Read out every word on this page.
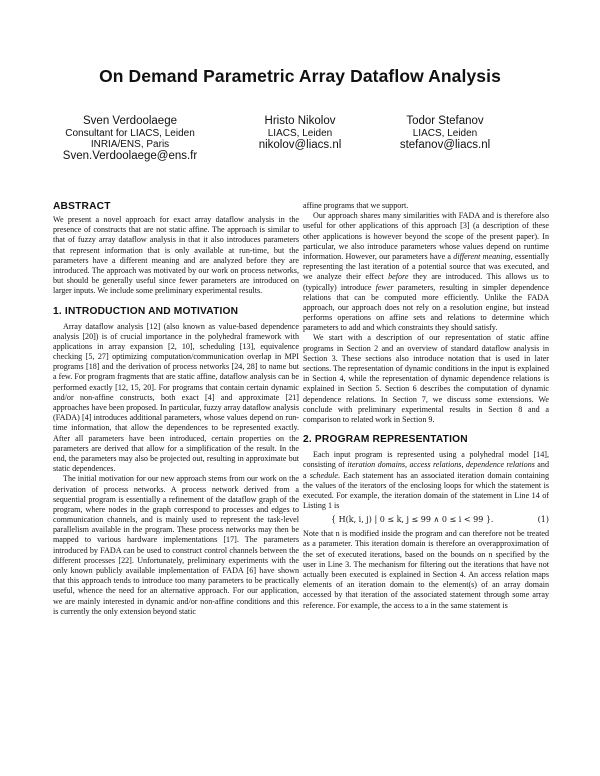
On Demand Parametric Array Dataflow Analysis
Sven Verdoolaege
Consultant for LIACS, Leiden
INRIA/ENS, Paris
Sven.Verdoolaege@ens.fr
Hristo Nikolov
LIACS, Leiden
nikolov@liacs.nl
Todor Stefanov
LIACS, Leiden
stefanov@liacs.nl
ABSTRACT

We present a novel approach for exact array dataflow analysis in the presence of constructs that are not static affine. The approach is similar to that of fuzzy array dataflow analysis in that it also introduces parameters that represent information that is only available at run-time, but the parameters have a different meaning and are analyzed before they are introduced. The approach was motivated by our work on process networks, but should be generally useful since fewer parameters are introduced on larger inputs. We include some preliminary experimental results.

1. INTRODUCTION AND MOTIVATION

Array dataflow analysis [12] (also known as value-based dependence analysis [20]) is of crucial importance in the polyhedral framework with applications in array expansion [2, 10], scheduling [13], equivalence checking [5, 27] optimizing computation/communication overlap in MPI programs [18] and the derivation of process networks [24, 28] to name but a few. For program fragments that are static affine, dataflow analysis can be performed exactly [12, 15, 20]. For programs that contain certain dynamic and/or non-affine constructs, both exact [4] and approximate [21] approaches have been proposed. In particular, fuzzy array dataflow analysis (FADA) [4] introduces additional parameters, whose values depend on run-time information, that allow the dependences to be represented exactly. After all parameters have been introduced, certain properties on the parameters are derived that allow for a simplification of the result. In the end, the parameters may also be projected out, resulting in approximate but static dependences.

The initial motivation for our new approach stems from our work on the derivation of process networks. A process network derived from a sequential program is essentially a refinement of the dataflow graph of the program, where nodes in the graph correspond to processes and edges to communication channels, and is mainly used to represent the task-level parallelism available in the program. These process networks may then be mapped to various hardware implementations [17]. The parameters introduced by FADA can be used to construct control channels between the different processes [22]. Unfortunately, preliminary experiments with the only known publicly available implementation of FADA [6] have shown that this approach tends to introduce too many parameters to be practically useful, whence the need for an alternative approach. For our application, we are mainly interested in dynamic and/or non-affine conditions and this is currently the only extension beyond static

affine programs that we support.

Our approach shares many similarities with FADA and is therefore also useful for other applications of this approach [3] (a description of these other applications is however beyond the scope of the present paper). In particular, we also introduce parameters whose values depend on runtime information. However, our parameters have a different meaning, essentially representing the last iteration of a potential source that was executed, and we analyze their effect before they are introduced. This allows us to (typically) introduce fewer parameters, resulting in simpler dependence relations that can be computed more efficiently. Unlike the FADA approach, our approach does not rely on a resolution engine, but instead performs operations on affine sets and relations to determine which parameters to add and which constraints they should satisfy.

We start with a description of our representation of static affine programs in Section 2 and an overview of standard dataflow analysis in Section 3. These sections also introduce notation that is used in later sections. The representation of dynamic conditions in the input is explained in Section 4, while the representation of dynamic dependence relations is explained in Section 5. Section 6 describes the computation of dynamic dependence relations. In Section 7, we discuss some extensions. We conclude with preliminary experimental results in Section 8 and a comparison to related work in Section 9.

2. PROGRAM REPRESENTATION

Each input program is represented using a polyhedral model [14], consisting of iteration domains, access relations, dependence relations and a schedule. Each statement has an associated iteration domain containing the values of the iterators of the enclosing loops for which the statement is executed. For example, the iteration domain of the statement in Line 14 of Listing 1 is

{ H(k, i, j) | 0 ≤ k, j ≤ 99 ∧ 0 ≤ i < 99 }.	(1)

Note that n is modified inside the program and can therefore not be treated as a parameter. This iteration domain is therefore an overapproximation of the set of executed iterations, based on the bounds on n specified by the user in Line 3. The mechanism for filtering out the iterations that have not actually been executed is explained in Section 4. An access relation maps elements of an iteration domain to the element(s) of an array domain accessed by that iteration of the associated statement through some array reference. For example, the access to a in the same statement is
